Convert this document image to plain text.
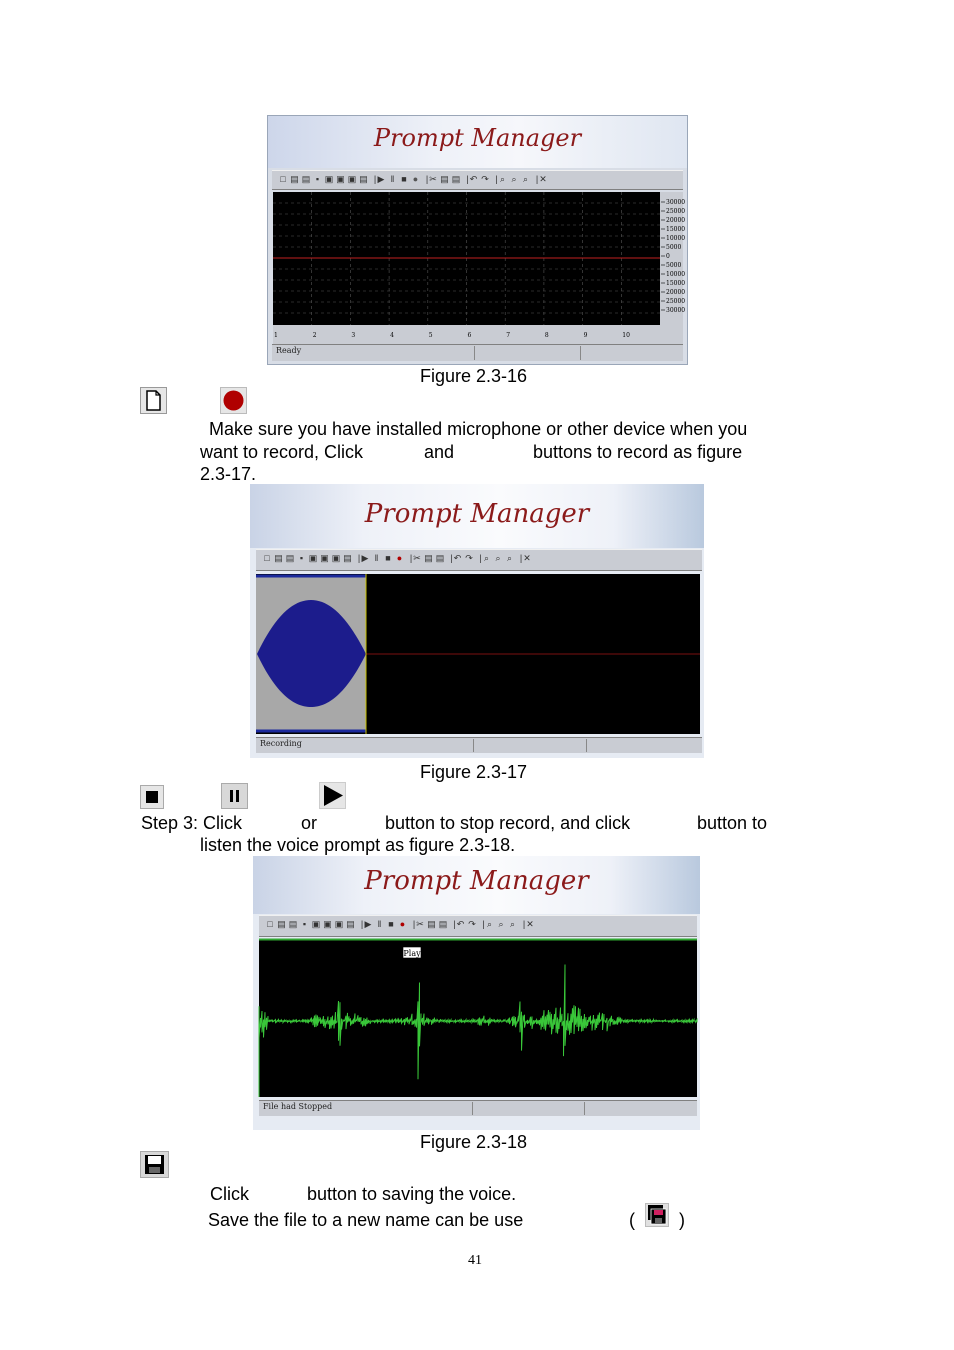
Prompt Manager
□ ▤ ▤ ▪ ▣ ▣ ▣ ▤ | ▶ ‖ ■ ● | ✂ ▤ ▤ | ↶ ↷ | ⌕ ⌕ ⌕ | ✕
30000
25000
20000
15000
10000
5000
0
5000
10000
15000
20000
25000
30000
1	2	3	4	5	6	7	8	9	10
Ready
Figure 2.3-16
Make sure you have installed microphone or other device when you
want to record, Click	and	buttons to record as figure
2.3-17.
Prompt Manager
□ ▤ ▤ ▪ ▣ ▣ ▣ ▤ | ▶ ‖ ■ ● | ✂ ▤ ▤ | ↶ ↷ | ⌕ ⌕ ⌕ | ✕
Recording
Figure 2.3-17
Step 3: Click	or	button to stop record, and click	button to
listen the voice prompt as figure 2.3-18.
Prompt Manager
□ ▤ ▤ ▪ ▣ ▣ ▣ ▤ | ▶ ‖ ■ ● | ✂ ▤ ▤ | ↶ ↷ | ⌕ ⌕ ⌕ | ✕
Play
File had Stopped
Figure 2.3-18
Click	button to saving the voice.
Save the file to a new name can be use	( )
41
